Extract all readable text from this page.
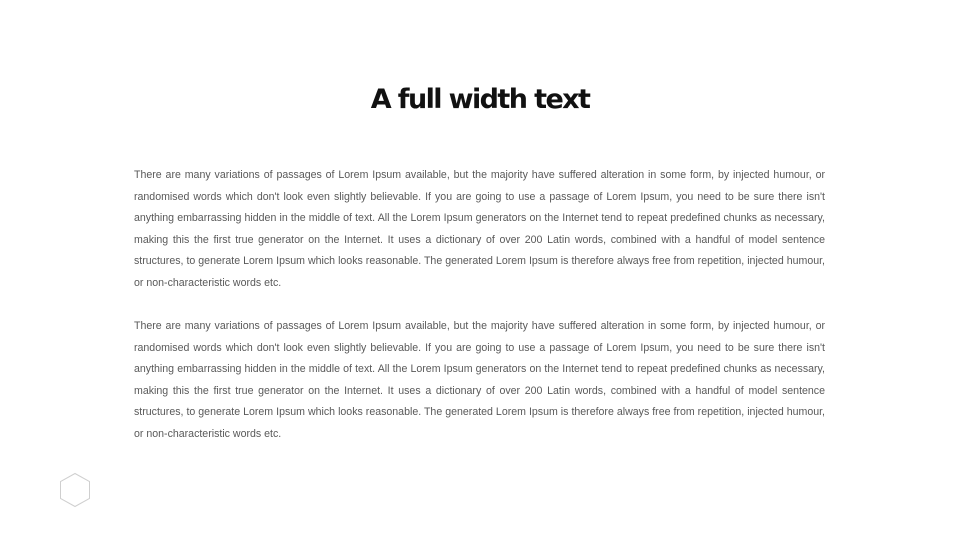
A full width text

There are many variations of passages of Lorem Ipsum available, but the majority have suffered alteration in some form, by injected humour, or randomised words which don't look even slightly believable. If you are going to use a passage of Lorem Ipsum, you need to be sure there isn't anything embarrassing hidden in the middle of text. All the Lorem Ipsum generators on the Internet tend to repeat predefined chunks as necessary, making this the first true generator on the Internet. It uses a dictionary of over 200 Latin words, combined with a handful of model sentence structures, to generate Lorem Ipsum which looks reasonable. The generated Lorem Ipsum is therefore always free from repetition, injected humour, or non-characteristic words etc.

There are many variations of passages of Lorem Ipsum available, but the majority have suffered alteration in some form, by injected humour, or randomised words which don't look even slightly believable. If you are going to use a passage of Lorem Ipsum, you need to be sure there isn't anything embarrassing hidden in the middle of text. All the Lorem Ipsum generators on the Internet tend to repeat predefined chunks as necessary, making this the first true generator on the Internet. It uses a dictionary of over 200 Latin words, combined with a handful of model sentence structures, to generate Lorem Ipsum which looks reasonable. The generated Lorem Ipsum is therefore always free from repetition, injected humour, or non-characteristic words etc.
